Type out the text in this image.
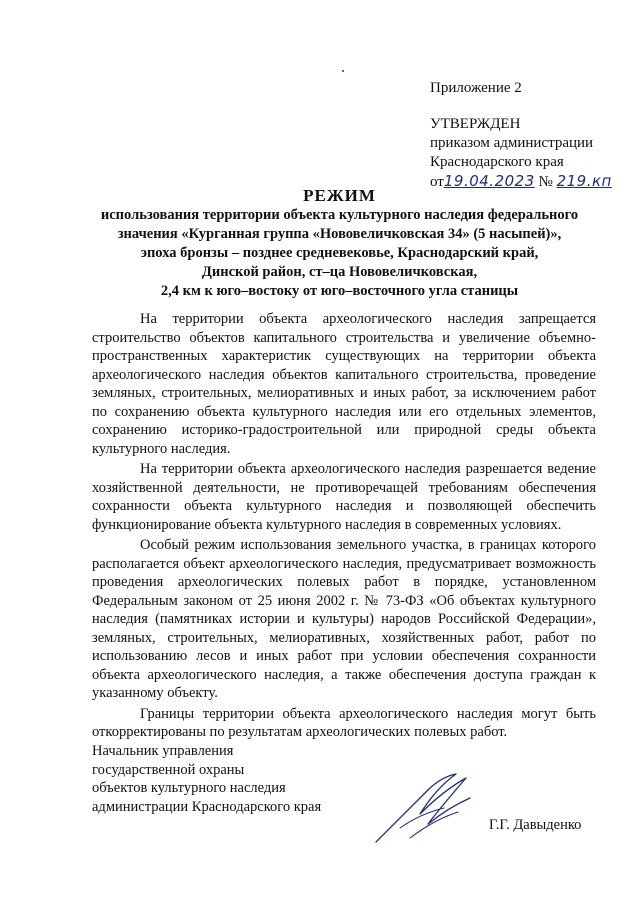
Приложение 2
УТВЕРЖДЕН
приказом администрации
Краснодарского края
от19.04.2023 № 219.кп
РЕЖИМ
использования территории объекта культурного наследия федерального
значения «Курганная группа «Нововеличковская 34» (5 насыпей)»,
эпоха бронзы – позднее средневековье, Краснодарский край,
Динской район, ст–ца Нововеличковская,
2,4 км к юго–востоку от юго–восточного угла станицы

На территории объекта археологического наследия запрещается строительство объектов капитального строительства и увеличение объемно-пространственных характеристик существующих на территории объекта археологического наследия объектов капитального строительства, проведение земляных, строительных, мелиоративных и иных работ, за исключением работ по сохранению объекта культурного наследия или его отдельных элементов, сохранению историко-градостроительной или природной среды объекта культурного наследия.

На территории объекта археологического наследия разрешается ведение хозяйственной деятельности, не противоречащей требованиям обеспечения сохранности объекта культурного наследия и позволяющей обеспечить функционирование объекта культурного наследия в современных условиях.

Особый режим использования земельного участка, в границах которого располагается объект археологического наследия, предусматривает возможность проведения археологических полевых работ в порядке, установленном Федеральным законом от 25 июня 2002 г. № 73-ФЗ «Об объектах культурного наследия (памятниках истории и культуры) народов Российской Федерации», земляных, строительных, мелиоративных, хозяйственных работ, работ по использованию лесов и иных работ при условии обеспечения сохранности объекта археологического наследия, а также обеспечения доступа граждан к указанному объекту.

Границы территории объекта археологического наследия могут быть откорректированы по результатам археологических полевых работ.

Начальник управления
государственной охраны
объектов культурного наследия
администрации Краснодарского края
Г.Г. Давыденко
